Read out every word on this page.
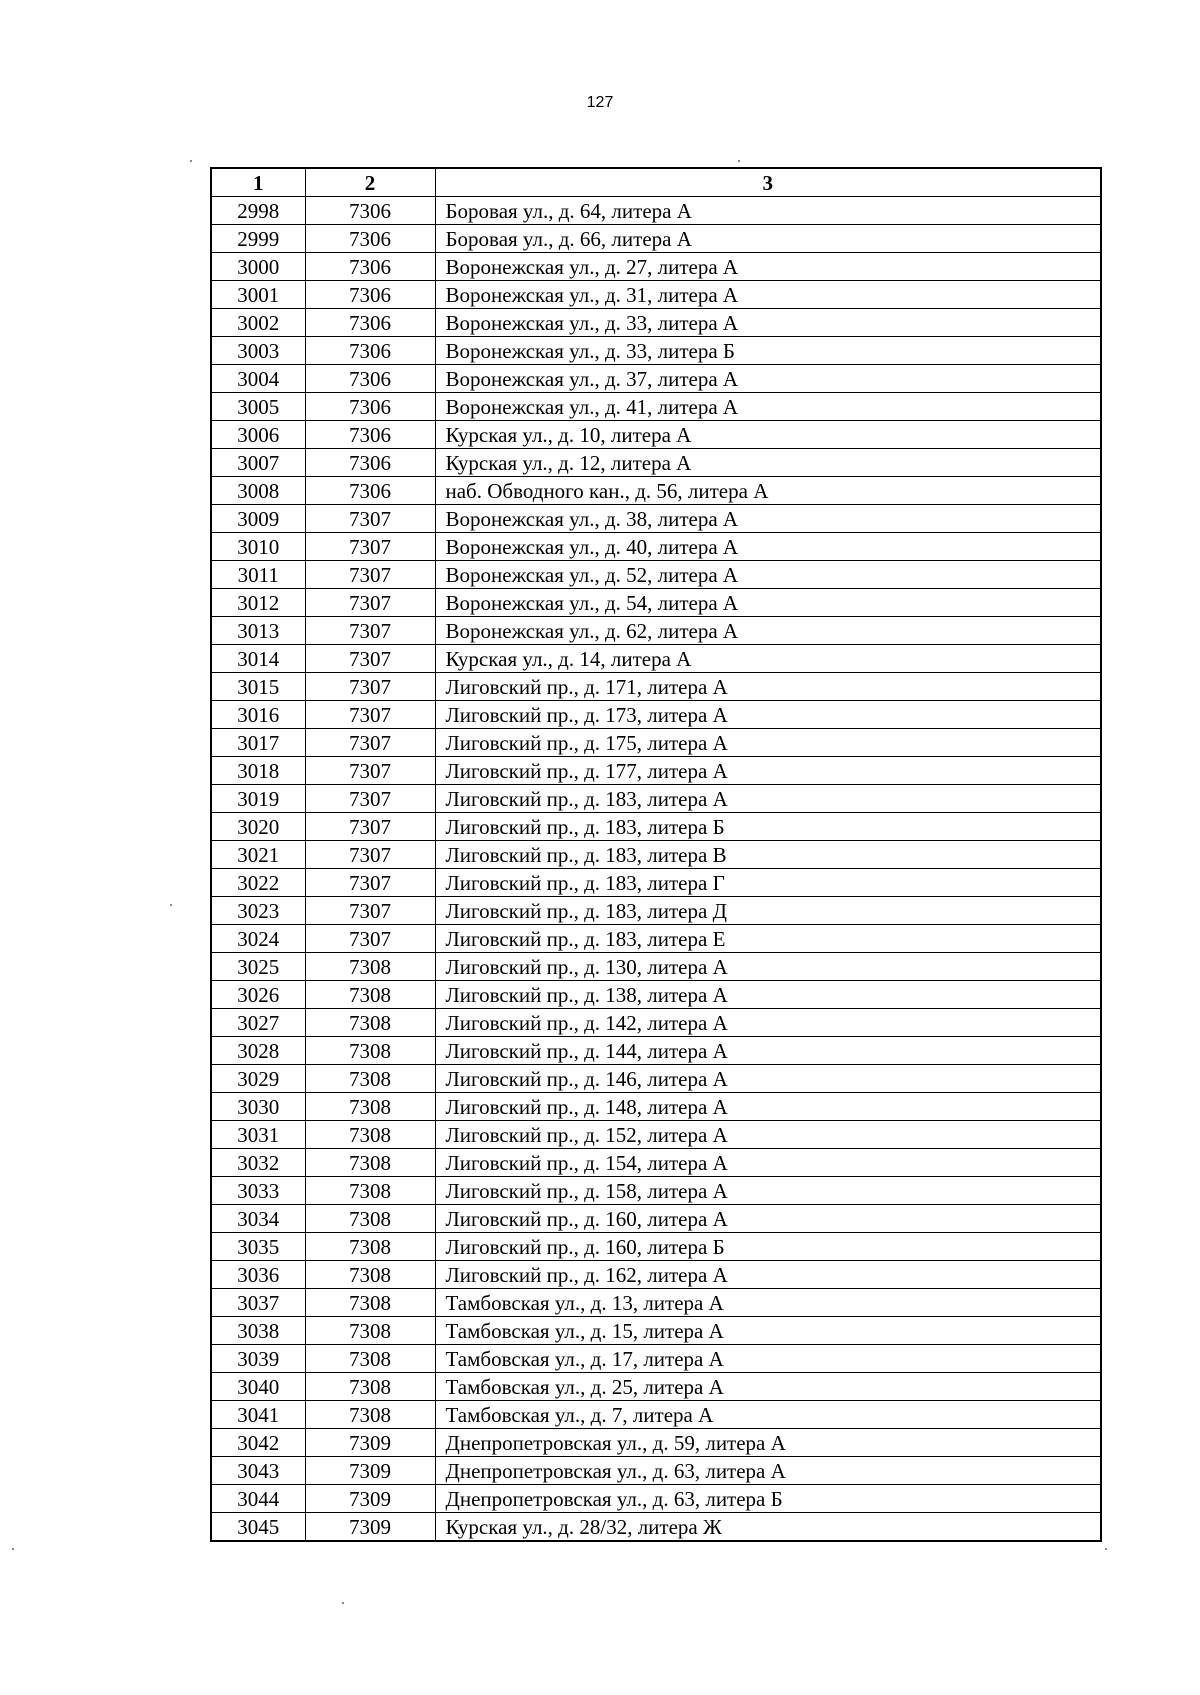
127
1	2	3
2998	7306	Боровая ул., д. 64, литера А
2999	7306	Боровая ул., д. 66, литера А
3000	7306	Воронежская ул., д. 27, литера А
3001	7306	Воронежская ул., д. 31, литера А
3002	7306	Воронежская ул., д. 33, литера А
3003	7306	Воронежская ул., д. 33, литера Б
3004	7306	Воронежская ул., д. 37, литера А
3005	7306	Воронежская ул., д. 41, литера А
3006	7306	Курская ул., д. 10, литера А
3007	7306	Курская ул., д. 12, литера А
3008	7306	наб. Обводного кан., д. 56, литера А
3009	7307	Воронежская ул., д. 38, литера А
3010	7307	Воронежская ул., д. 40, литера А
3011	7307	Воронежская ул., д. 52, литера А
3012	7307	Воронежская ул., д. 54, литера А
3013	7307	Воронежская ул., д. 62, литера А
3014	7307	Курская ул., д. 14, литера А
3015	7307	Лиговский пр., д. 171, литера А
3016	7307	Лиговский пр., д. 173, литера А
3017	7307	Лиговский пр., д. 175, литера А
3018	7307	Лиговский пр., д. 177, литера А
3019	7307	Лиговский пр., д. 183, литера А
3020	7307	Лиговский пр., д. 183, литера Б
3021	7307	Лиговский пр., д. 183, литера В
3022	7307	Лиговский пр., д. 183, литера Г
3023	7307	Лиговский пр., д. 183, литера Д
3024	7307	Лиговский пр., д. 183, литера Е
3025	7308	Лиговский пр., д. 130, литера А
3026	7308	Лиговский пр., д. 138, литера А
3027	7308	Лиговский пр., д. 142, литера А
3028	7308	Лиговский пр., д. 144, литера А
3029	7308	Лиговский пр., д. 146, литера А
3030	7308	Лиговский пр., д. 148, литера А
3031	7308	Лиговский пр., д. 152, литера А
3032	7308	Лиговский пр., д. 154, литера А
3033	7308	Лиговский пр., д. 158, литера А
3034	7308	Лиговский пр., д. 160, литера А
3035	7308	Лиговский пр., д. 160, литера Б
3036	7308	Лиговский пр., д. 162, литера А
3037	7308	Тамбовская ул., д. 13, литера А
3038	7308	Тамбовская ул., д. 15, литера А
3039	7308	Тамбовская ул., д. 17, литера А
3040	7308	Тамбовская ул., д. 25, литера А
3041	7308	Тамбовская ул., д. 7, литера А
3042	7309	Днепропетровская ул., д. 59, литера А
3043	7309	Днепропетровская ул., д. 63, литера А
3044	7309	Днепропетровская ул., д. 63, литера Б
3045	7309	Курская ул., д. 28/32, литера Ж
